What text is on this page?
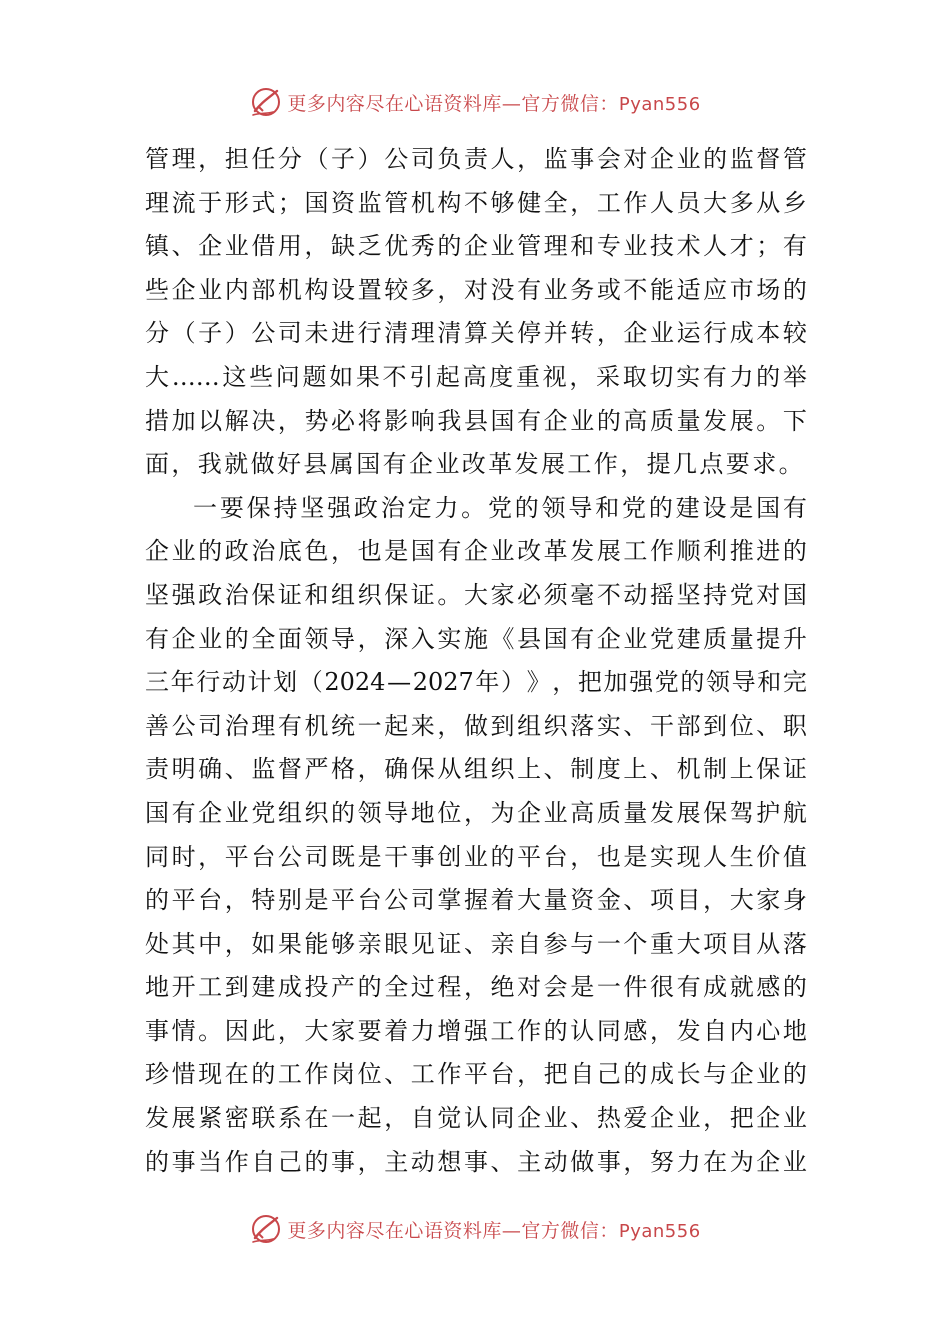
更多内容尽在心语资料库—官方微信：Pyan556
管 理 ， 担 任 分 （ 子 ） 公 司 负 责 人 ， 监 事 会 对 企 业 的 监 督 管
理 流 于 形 式 ； 国 资 监 管 机 构 不 够 健 全 ， 工 作 人 员 大 多 从 乡
镇 、 企 业 借 用 ， 缺 乏 优 秀 的 企 业 管 理 和 专 业 技 术 人 才 ； 有
些 企 业 内 部 机 构 设 置 较 多 ， 对 没 有 业 务 或 不 能 适 应 市 场 的
分 （ 子 ） 公 司 未 进 行 清 理 清 算 关 停 并 转 ， 企 业 运 行 成 本 较
大 …… 这 些 问 题 如 果 不 引 起 高 度 重 视 ， 采 取 切 实 有 力 的 举
措 加 以 解 决 ， 势 必 将 影 响 我 县 国 有 企 业 的 高 质 量 发 展 。 下
面，我就做好县属国有企业改革发展工作，提几点要求。
一 要 保 持 坚 强 政 治 定 力 。 党 的 领 导 和 党 的 建 设 是 国 有
企 业 的 政 治 底 色 ， 也 是 国 有 企 业 改 革 发 展 工 作 顺 利 推 进 的
坚 强 政 治 保 证 和 组 织 保 证 。 大 家 必 须 毫 不 动 摇 坚 持 党 对 国
有 企 业 的 全 面 领 导 ， 深 入 实 施 《 县 国 有 企 业 党 建 质 量 提 升
三 年 行 动 计 划 （ 2024 — 2027 年 ） 》 ， 把 加 强 党 的 领 导 和 完
善 公 司 治 理 有 机 统 一 起 来 ， 做 到 组 织 落 实 、 干 部 到 位 、 职
责 明 确 、 监 督 严 格 ， 确 保 从 组 织 上 、 制 度 上 、 机 制 上 保 证
国 有 企 业 党 组 织 的 领 导 地 位 ， 为 企 业 高 质 量 发 展 保 驾 护 航
同 时 ， 平 台 公 司 既 是 干 事 创 业 的 平 台 ， 也 是 实 现 人 生 价 值
的 平 台 ， 特 别 是 平 台 公 司 掌 握 着 大 量 资 金 、 项 目 ， 大 家 身
处 其 中 ， 如 果 能 够 亲 眼 见 证 、 亲 自 参 与 一 个 重 大 项 目 从 落
地 开 工 到 建 成 投 产 的 全 过 程 ， 绝 对 会 是 一 件 很 有 成 就 感 的
事 情 。 因 此 ， 大 家 要 着 力 增 强 工 作 的 认 同 感 ， 发 自 内 心 地
珍 惜 现 在 的 工 作 岗 位 、 工 作 平 台 ， 把 自 己 的 成 长 与 企 业 的
发 展 紧 密 联 系 在 一 起 ， 自 觉 认 同 企 业 、 热 爱 企 业 ， 把 企 业
的 事 当 作 自 己 的 事 ， 主 动 想 事 、 主 动 做 事 ， 努 力 在 为 企 业
更多内容尽在心语资料库—官方微信：Pyan556
